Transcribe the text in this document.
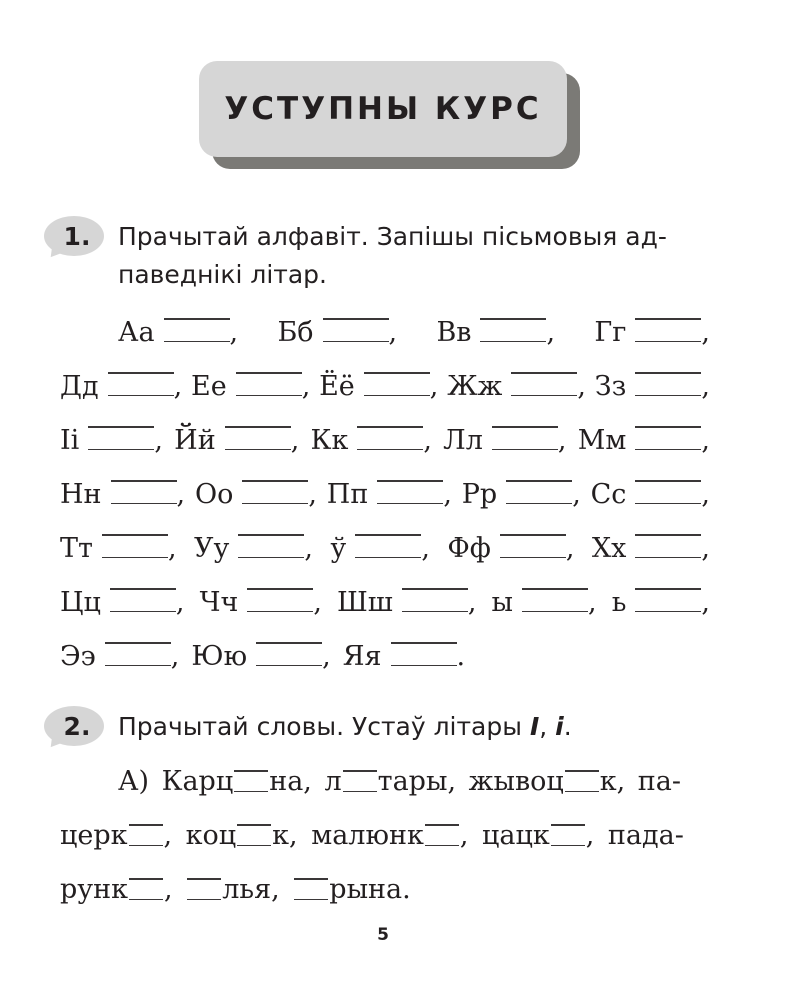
УСТУПНЫ КУРС
1.	Прачытай алфавіт. Запішы пісьмовыя ад-
паведнікі літар.
Аа	, Бб	, Вв	, Гг	,
Дд	, Ее	, Ёё	, Жж	, Зз	,
Іі	, Йй	, Кк	, Лл	, Мм	,
Нн	, Оо	, Пп	, Рр	, Сс	,
Тт	, Уу	, ў	, Фф	, Хх	,
Цц	, Чч	, Шш	, ы	, ь	,
Ээ	, Юю	, Яя	.
2.	Прачытай словы. Устаў літары I, i.
А) Карц на, л тары, жывоц к, па-
церк , коц к, малюнк , цацк , пада-
рунк , лья, рына.
5
